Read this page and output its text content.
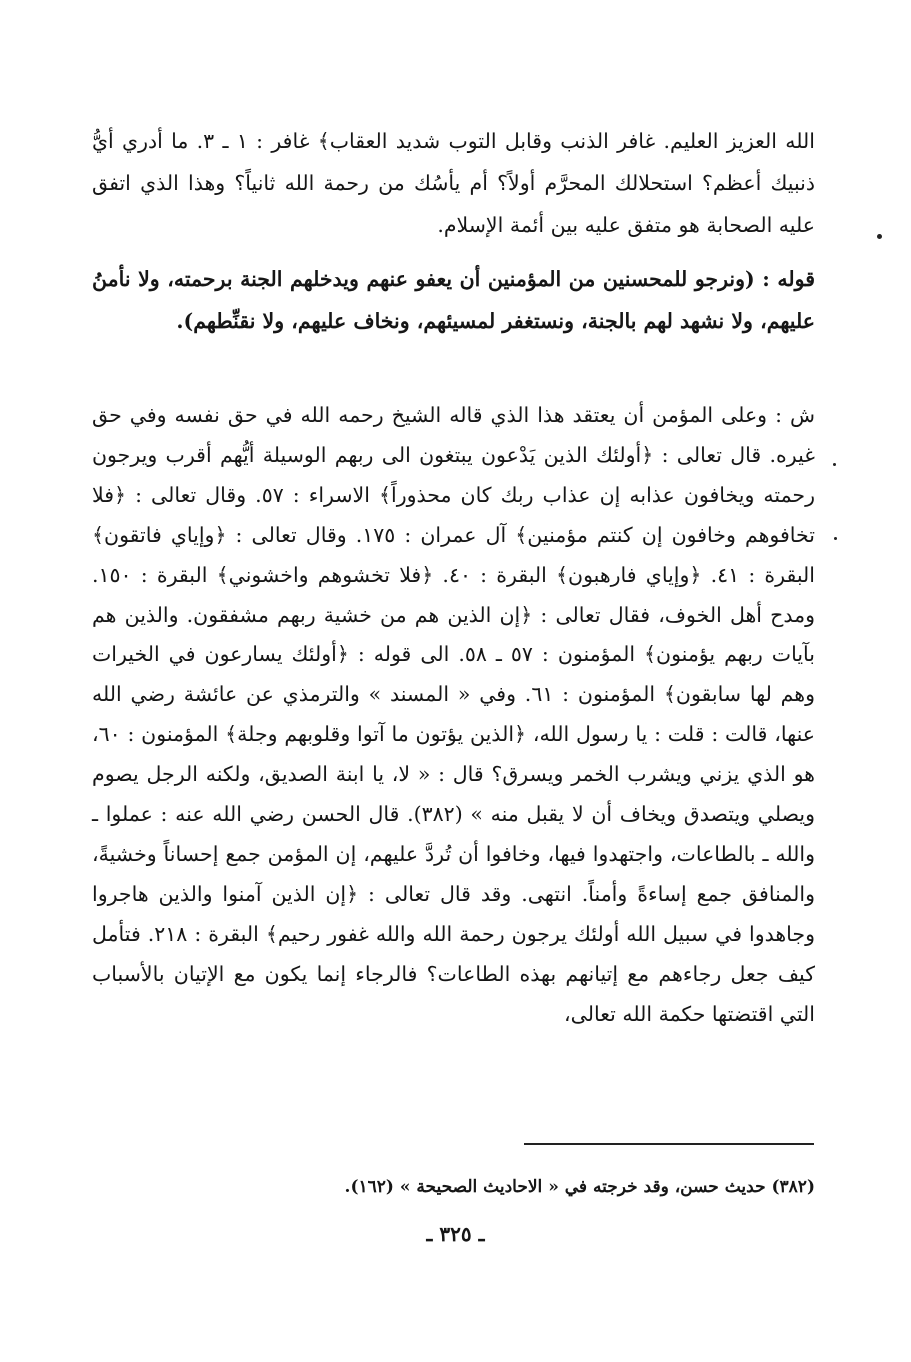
الله العزيز العليم. غافر الذنب وقابل التوب شديد العقاب﴾ غافر : ١ ـ ٣. ما أدري أيُّ ذنبيك أعظم؟ استحلالك المحرَّم أولاً؟ أم يأسُك من رحمة الله ثانياً؟ وهذا الذي اتفق عليه الصحابة هو متفق عليه بين أئمة الإسلام.

قوله : (ونرجو للمحسنين من المؤمنين أن يعفو عنهم ويدخلهم الجنة برحمته، ولا نأمنُ عليهم، ولا نشهد لهم بالجنة، ونستغفر لمسيئهم، ونخاف عليهم، ولا نقنِّطهم).

ش : وعلى المؤمن أن يعتقد هذا الذي قاله الشيخ رحمه الله في حق نفسه وفي حق غيره. قال تعالى : ﴿أولئك الذين يَدْعون يبتغون الى ربهم الوسيلة أيُّهم أقرب ويرجون رحمته ويخافون عذابه إن عذاب ربك كان محذوراً﴾ الاسراء : ٥٧. وقال تعالى : ﴿فلا تخافوهم وخافون إن كنتم مؤمنين﴾ آل عمران : ١٧٥. وقال تعالى : ﴿وإياي فاتقون﴾ البقرة : ٤١. ﴿وإياي فارهبون﴾ البقرة : ٤٠. ﴿فلا تخشوهم واخشوني﴾ البقرة : ١٥٠. ومدح أهل الخوف، فقال تعالى : ﴿إن الذين هم من خشية ربهم مشفقون. والذين هم بآيات ربهم يؤمنون﴾ المؤمنون : ٥٧ ـ ٥٨. الى قوله : ﴿أولئك يسارعون في الخيرات وهم لها سابقون﴾ المؤمنون : ٦١. وفي « المسند » والترمذي عن عائشة رضي الله عنها، قالت : قلت : يا رسول الله، ﴿الذين يؤتون ما آتوا وقلوبهم وجلة﴾ المؤمنون : ٦٠، هو الذي يزني ويشرب الخمر ويسرق؟ قال : « لا، يا ابنة الصديق، ولكنه الرجل يصوم ويصلي ويتصدق ويخاف أن لا يقبل منه » (٣٨٢). قال الحسن رضي الله عنه : عملوا ـ والله ـ بالطاعات، واجتهدوا فيها، وخافوا أن تُردَّ عليهم، إن المؤمن جمع إحساناً وخشيةً، والمنافق جمع إساءةً وأمناً. انتهى. وقد قال تعالى : ﴿إن الذين آمنوا والذين هاجروا وجاهدوا في سبيل الله أولئك يرجون رحمة الله والله غفور رحيم﴾ البقرة : ٢١٨. فتأمل كيف جعل رجاءهم مع إتيانهم بهذه الطاعات؟ فالرجاء إنما يكون مع الإتيان بالأسباب التي اقتضتها حكمة الله تعالى،

(٣٨٢) حديث حسن، وقد خرجته في « الاحاديث الصحيحة » (١٦٢).
ـ ٣٢٥ ـ
